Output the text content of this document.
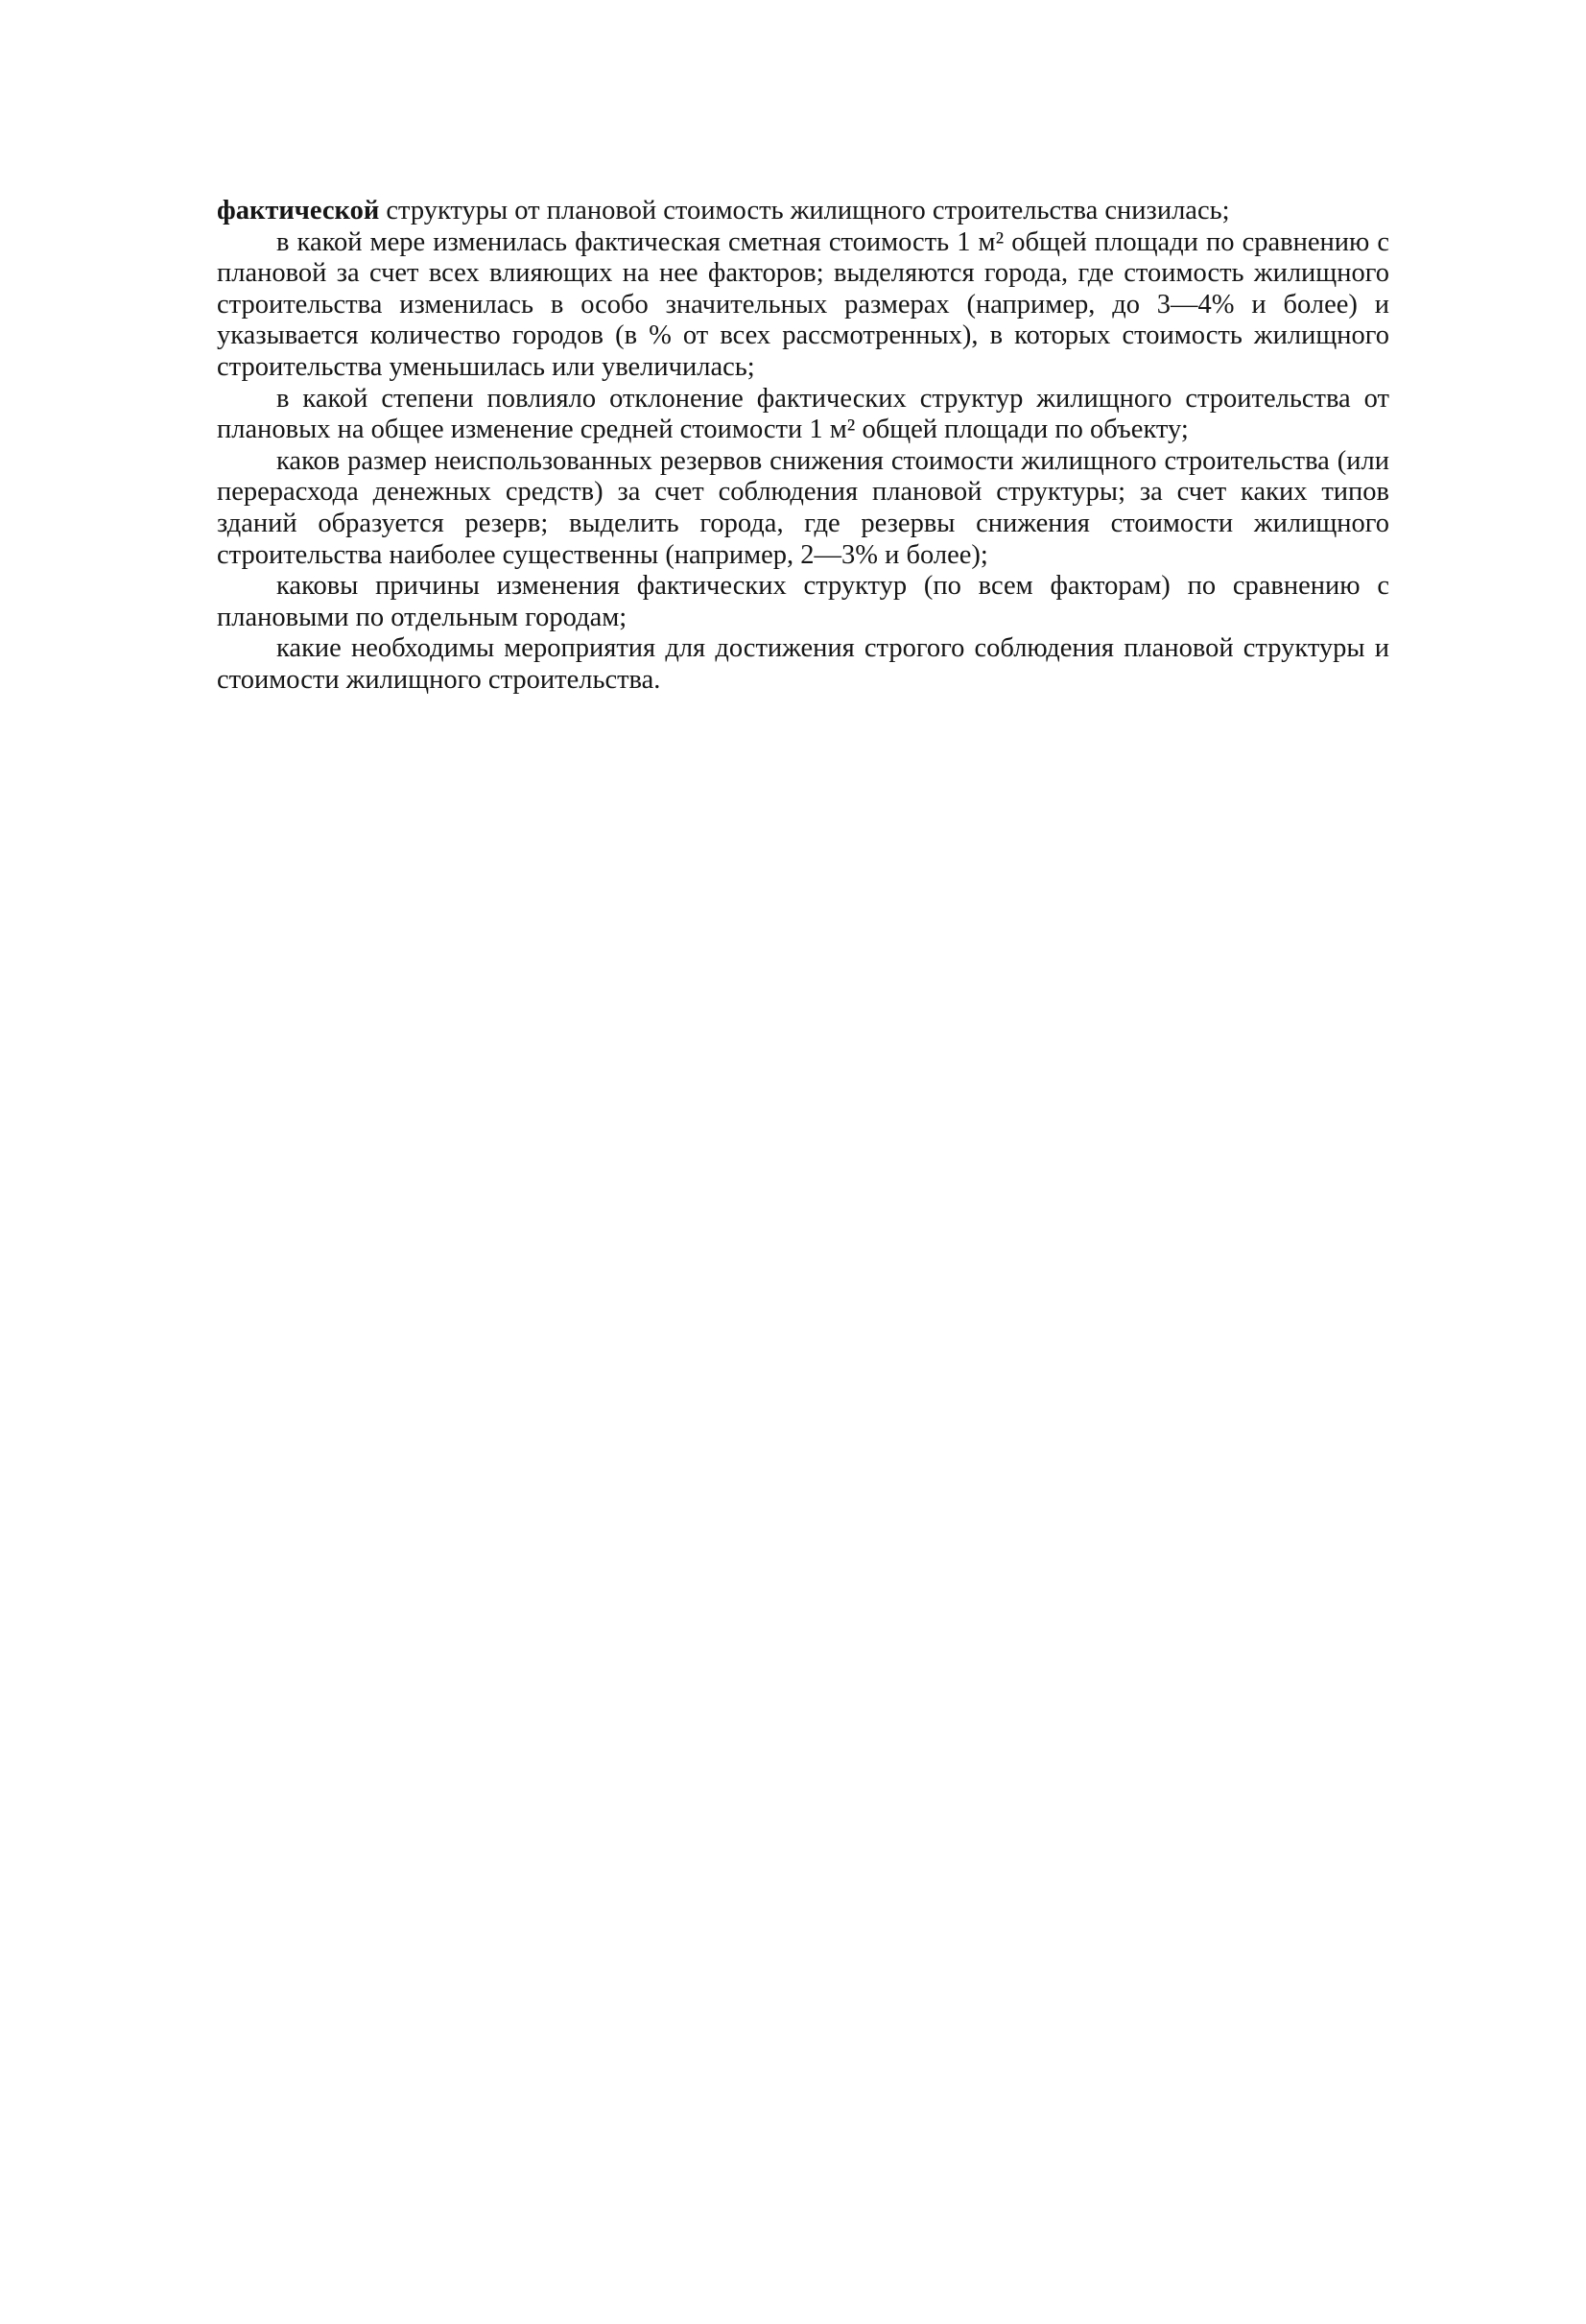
фактической структуры от плановой стоимость жилищного строительства снизилась;

в какой мере изменилась фактическая сметная стоимость 1 м² общей площади по сравнению с плановой за счет всех влияющих на нее факторов; выделяются города, где стоимость жилищного строительства изменилась в особо значительных размерах (например, до 3—4% и более) и указывается количество городов (в % от всех рассмотренных), в которых стоимость жилищного строительства уменьшилась или увеличилась;

в какой степени повлияло отклонение фактических структур жилищного строительства от плановых на общее изменение средней стоимости 1 м² общей площади по объекту;

каков размер неиспользованных резервов снижения стоимости жилищного строительства (или перерасхода денежных средств) за счет соблюдения плановой структуры; за счет каких типов зданий образуется резерв; выделить города, где резервы снижения стоимости жилищного строительства наиболее существенны (например, 2—3% и более);

каковы причины изменения фактических структур (по всем факторам) по сравнению с плановыми по отдельным городам;

какие необходимы мероприятия для достижения строгого соблюдения плановой структуры и стоимости жилищного строительства.
